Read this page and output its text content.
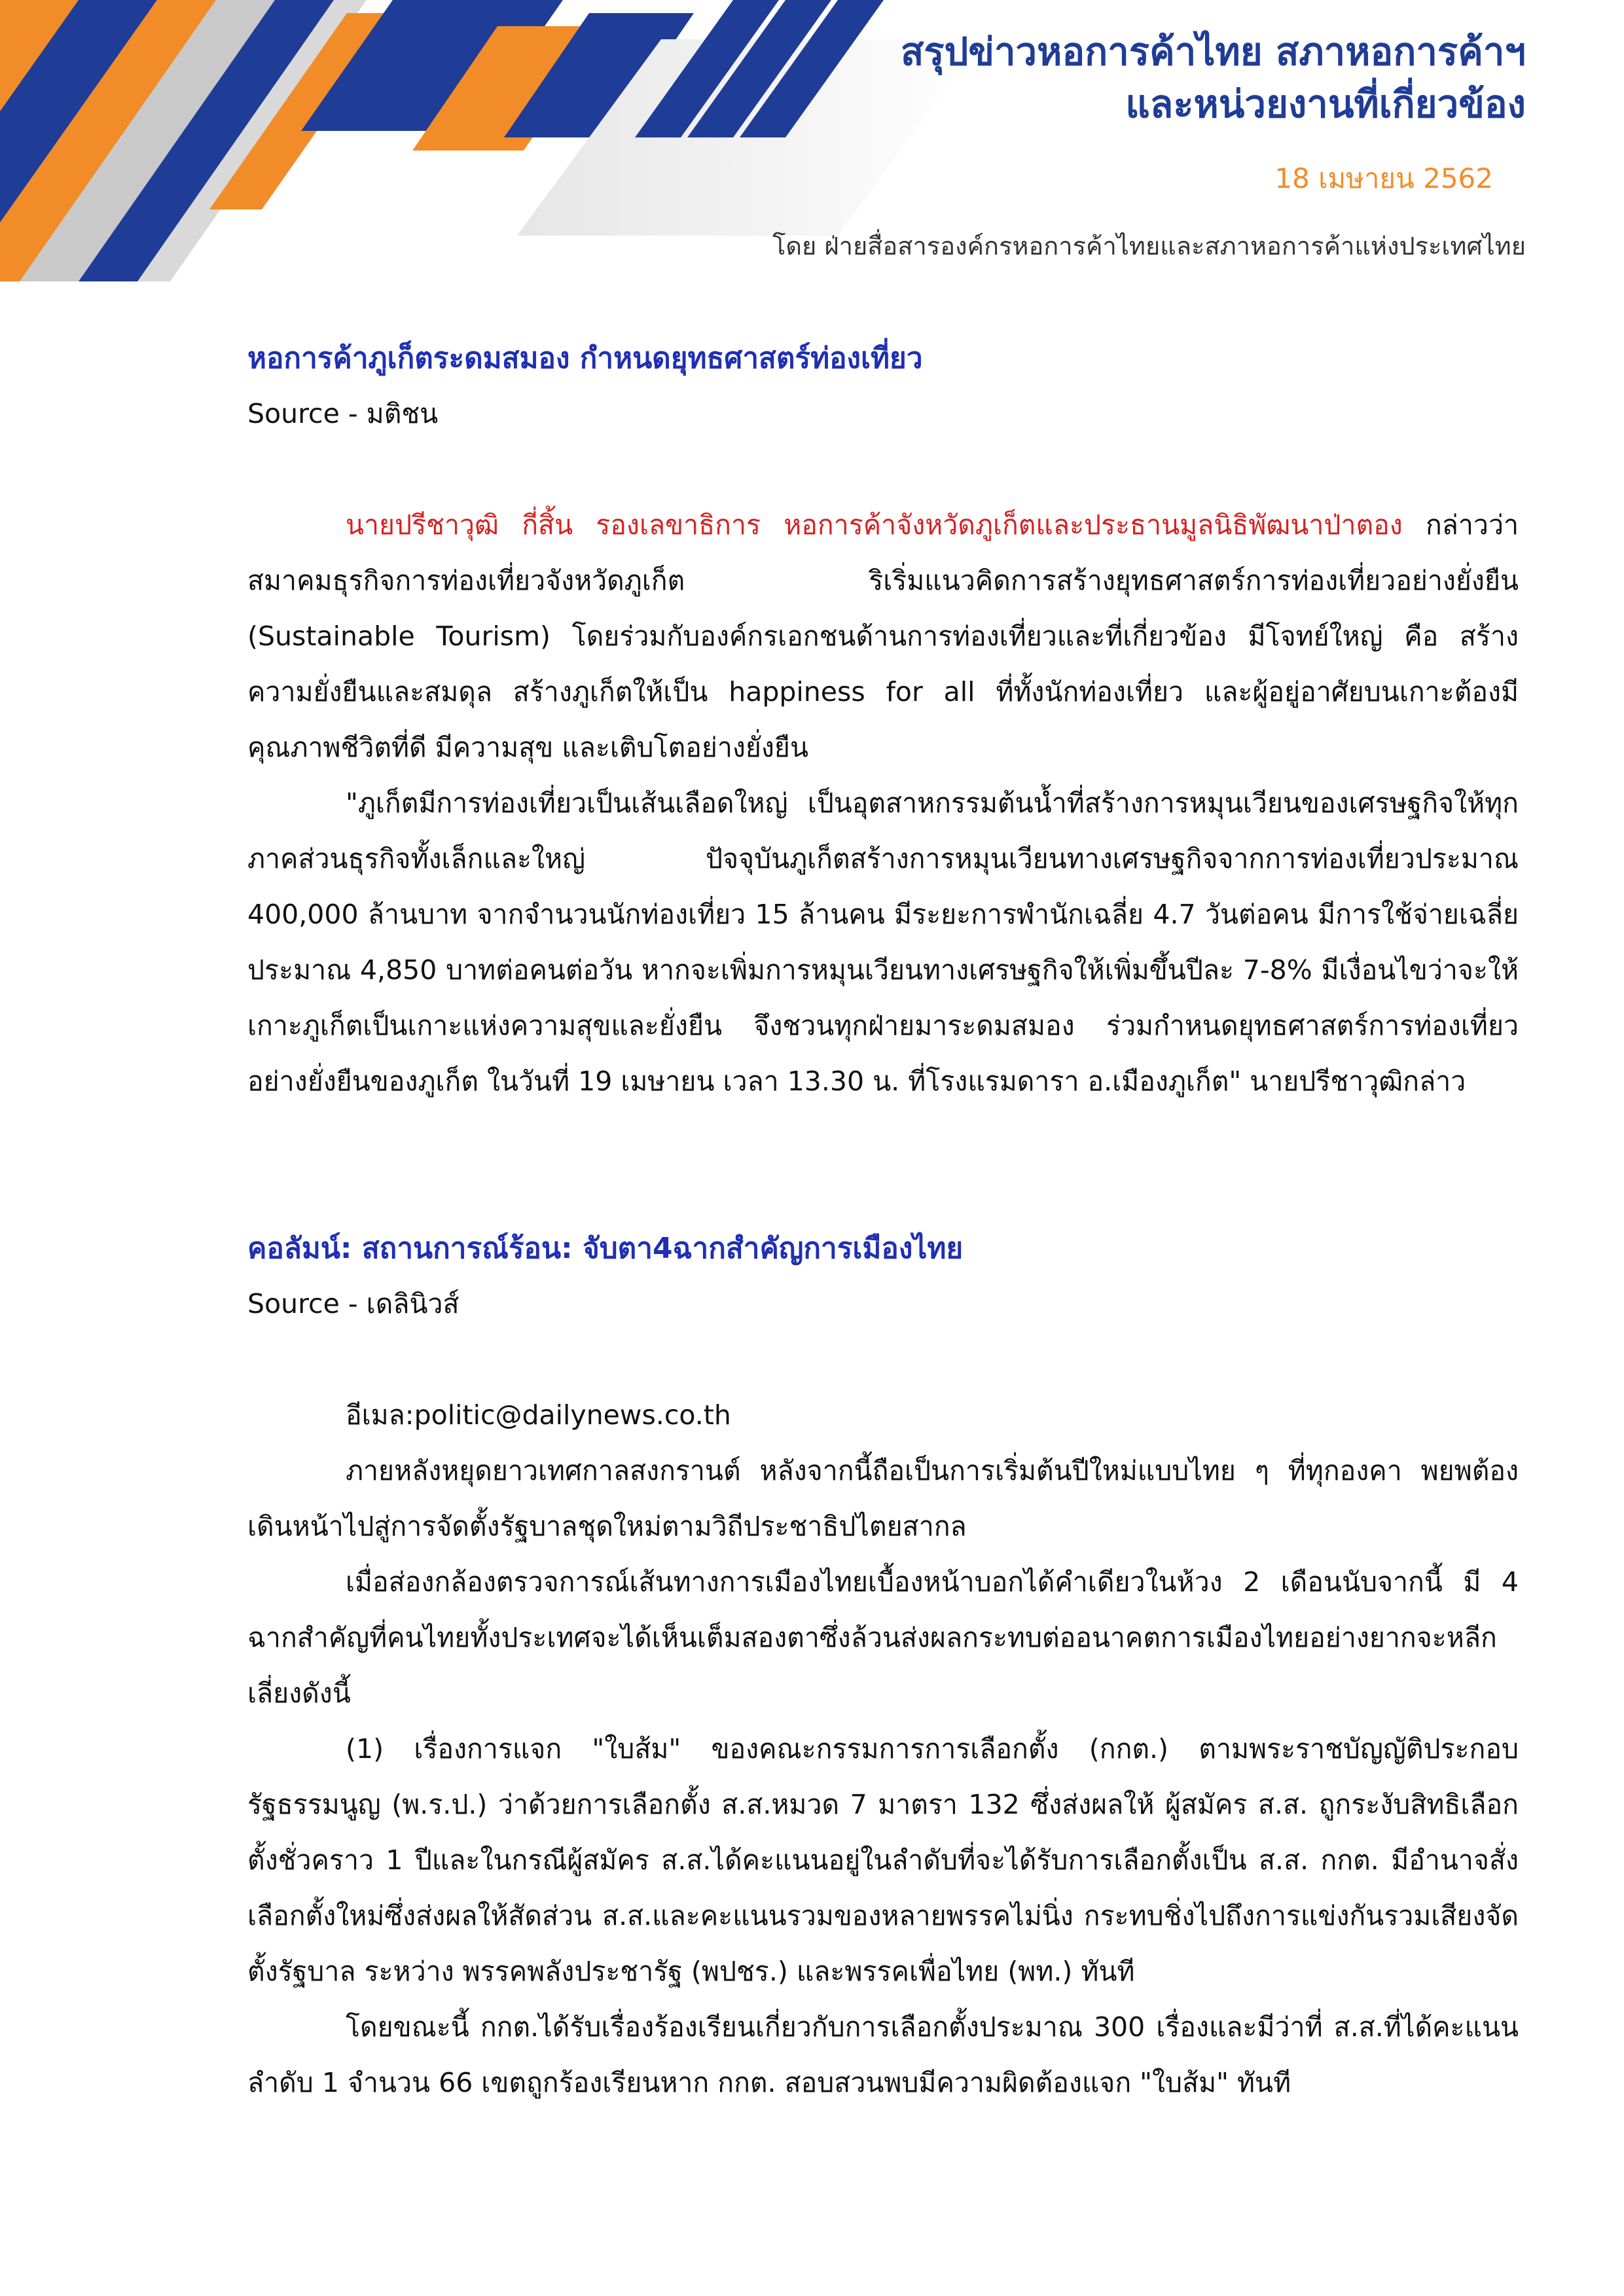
สรุปข่าวหอการค้าไทย สภาหอการค้าฯ
และหน่วยงานที่เกี่ยวข้อง
18 เมษายน 2562
โดย ฝ่ายสื่อสารองค์กรหอการค้าไทยและสภาหอการค้าแห่งประเทศไทย
หอการค้าภูเก็ตระดมสมอง กำหนดยุทธศาสตร์ท่องเที่ยว

Source - มติชน

นายปรีชาวุฒิ กี่สิ้น รองเลขาธิการ หอการค้าจังหวัดภูเก็ตและประธานมูลนิธิพัฒนาป่าตอง กล่าวว่า สมาคมธุรกิจการท่องเที่ยวจังหวัดภูเก็ต ริเริ่มแนวคิดการสร้างยุทธศาสตร์การท่องเที่ยวอย่างยั่งยืน (Sustainable Tourism) โดยร่วมกับองค์กรเอกชนด้านการท่องเที่ยวและที่เกี่ยวข้อง มีโจทย์ใหญ่ คือ สร้างความยั่งยืนและสมดุล สร้างภูเก็ตให้เป็น happiness for all ที่ทั้งนักท่องเที่ยว และผู้อยู่อาศัยบนเกาะต้องมีคุณภาพชีวิตที่ดี มีความสุข และเติบโตอย่างยั่งยืน

"ภูเก็ตมีการท่องเที่ยวเป็นเส้นเลือดใหญ่ เป็นอุตสาหกรรมต้นน้ำที่สร้างการหมุนเวียนของเศรษฐกิจให้ทุกภาคส่วนธุรกิจทั้งเล็กและใหญ่ ปัจจุบันภูเก็ตสร้างการหมุนเวียนทางเศรษฐกิจจากการท่องเที่ยวประมาณ 400,000 ล้านบาท จากจำนวนนักท่องเที่ยว 15 ล้านคน มีระยะการพำนักเฉลี่ย 4.7 วันต่อคน มีการใช้จ่ายเฉลี่ยประมาณ 4,850 บาทต่อคนต่อวัน หากจะเพิ่มการหมุนเวียนทางเศรษฐกิจให้เพิ่มขึ้นปีละ 7-8% มีเงื่อนไขว่าจะให้เกาะภูเก็ตเป็นเกาะแห่งความสุขและยั่งยืน จึงชวนทุกฝ่ายมาระดมสมอง ร่วมกำหนดยุทธศาสตร์การท่องเที่ยวอย่างยั่งยืนของภูเก็ต ในวันที่ 19 เมษายน เวลา 13.30 น. ที่โรงแรมดารา อ.เมืองภูเก็ต" นายปรีชาวุฒิกล่าว

คอลัมน์: สถานการณ์ร้อน: จับตา4ฉากสำคัญการเมืองไทย

Source - เดลินิวส์

อีเมล:politic@dailynews.co.th

ภายหลังหยุดยาวเทศกาลสงกรานต์ หลังจากนี้ถือเป็นการเริ่มต้นปีใหม่แบบไทย ๆ ที่ทุกองคา พยพต้องเดินหน้าไปสู่การจัดตั้งรัฐบาลชุดใหม่ตามวิถีประชาธิปไตยสากล

เมื่อส่องกล้องตรวจการณ์เส้นทางการเมืองไทยเบื้องหน้าบอกได้คำเดียวในห้วง 2 เดือนนับจากนี้ มี 4 ฉากสำคัญที่คนไทยทั้งประเทศจะได้เห็นเต็มสองตาซึ่งล้วนส่งผลกระทบต่ออนาคตการเมืองไทยอย่างยากจะหลีกเลี่ยงดังนี้

(1) เรื่องการแจก "ใบส้ม" ของคณะกรรมการการเลือกตั้ง (กกต.) ตามพระราชบัญญัติประกอบรัฐธรรมนูญ (พ.ร.ป.) ว่าด้วยการเลือกตั้ง ส.ส.หมวด 7 มาตรา 132 ซึ่งส่งผลให้ ผู้สมัคร ส.ส. ถูกระงับสิทธิเลือกตั้งชั่วคราว 1 ปีและในกรณีผู้สมัคร ส.ส.ได้คะแนนอยู่ในลำดับที่จะได้รับการเลือกตั้งเป็น ส.ส. กกต. มีอำนาจสั่งเลือกตั้งใหม่ซึ่งส่งผลให้สัดส่วน ส.ส.และคะแนนรวมของหลายพรรคไม่นิ่ง กระทบชิ่งไปถึงการแข่งกันรวมเสียงจัดตั้งรัฐบาล ระหว่าง พรรคพลังประชารัฐ (พปชร.) และพรรคเพื่อไทย (พท.) ทันที

โดยขณะนี้ กกต.ได้รับเรื่องร้องเรียนเกี่ยวกับการเลือกตั้งประมาณ 300 เรื่องและมีว่าที่ ส.ส.ที่ได้คะแนนลำดับ 1 จำนวน 66 เขตถูกร้องเรียนหาก กกต. สอบสวนพบมีความผิดต้องแจก "ใบส้ม" ทันที
